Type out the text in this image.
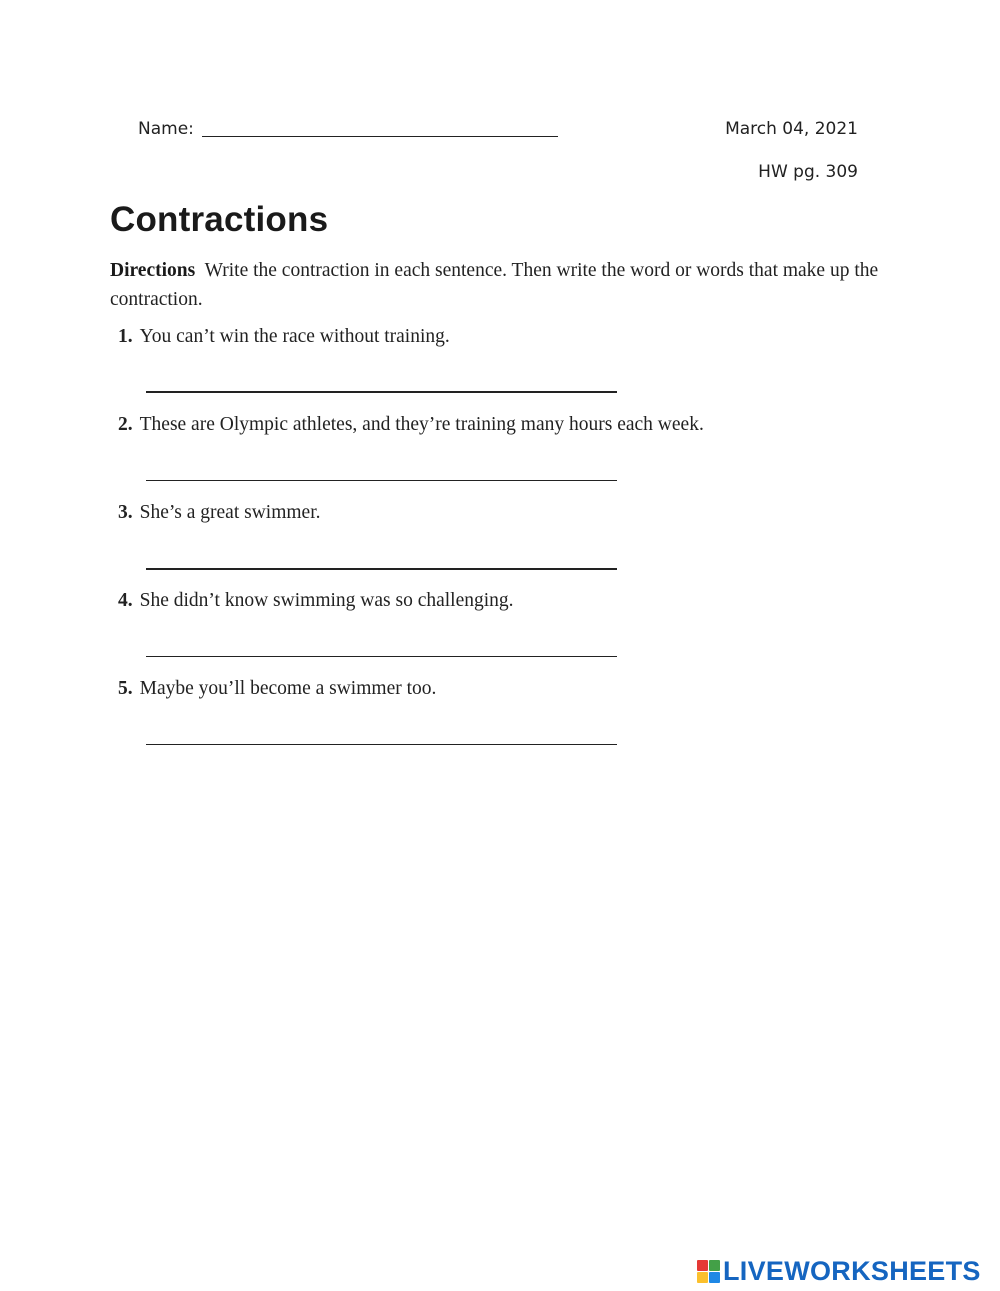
Name:	March 04, 2021
HW pg. 309
Contractions
Directions Write the contraction in each sentence. Then write the word or words that make up the contraction.
1. You can’t win the race without training.
2. These are Olympic athletes, and they’re training many hours each week.
3. She’s a great swimmer.
4. She didn’t know swimming was so challenging.
5. Maybe you’ll become a swimmer too.
LIVEWORKSHEETS
